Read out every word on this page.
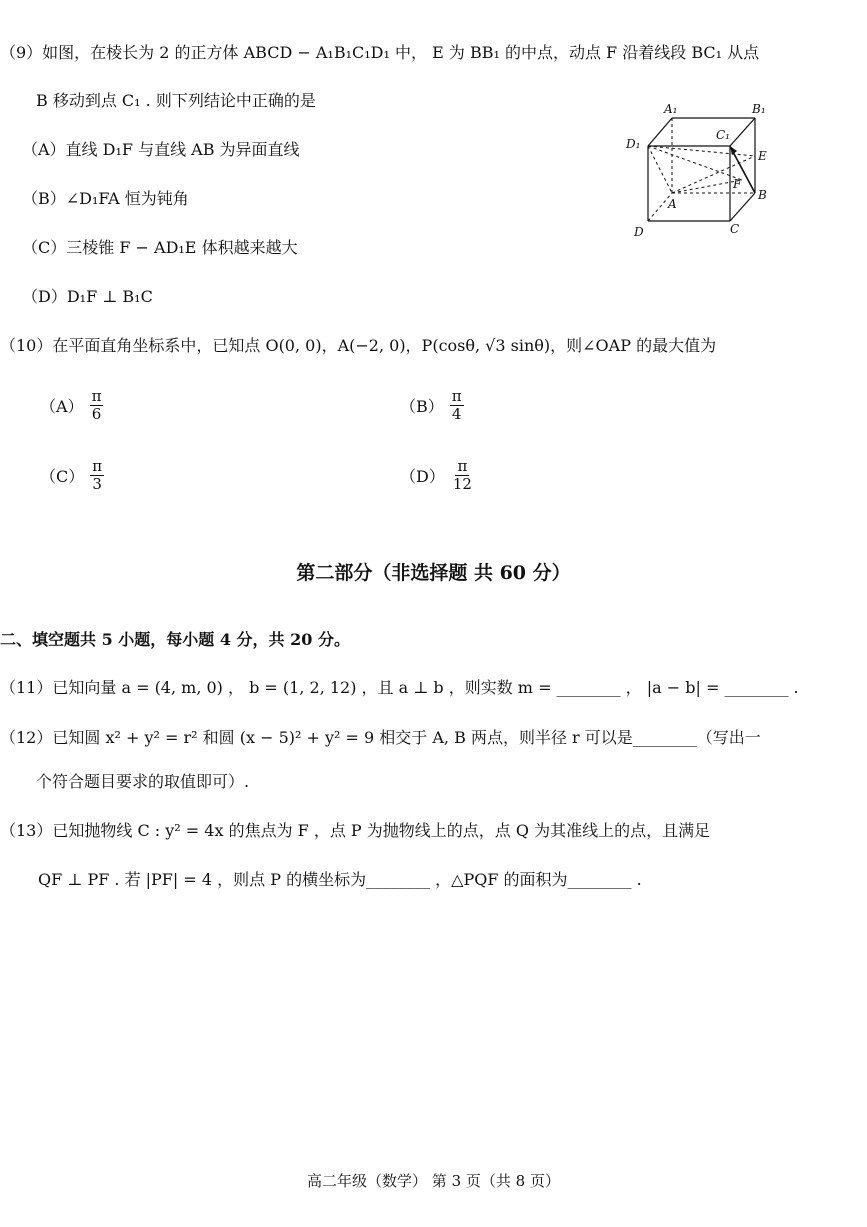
（9）如图，在棱长为 2 的正方体 ABCD − A₁B₁C₁D₁ 中， E 为 BB₁ 的中点，动点 F 沿着线段 BC₁ 从点
B 移动到点 C₁ . 则下列结论中正确的是
（A）直线 D₁F 与直线 AB 为异面直线
（B）∠D₁FA 恒为钝角
（C）三棱锥 F − AD₁E 体积越来越大
（D）D₁F ⊥ B₁C
A₁	B₁
C₁
D₁
E
F
A
B
C
D
（10）在平面直角坐标系中，已知点 O(0, 0)，A(−2, 0)，P(cosθ, √3 sinθ)，则∠OAP 的最大值为
$(A) \frac{\pi}{6}$	$(B) \frac{\pi}{4}$
$(C) \frac{\pi}{3}$	$(D) \frac{\pi}{12}$
第二部分（非选择题 共 60 分）
二、填空题共 5 小题，每小题 4 分，共 20 分。
（11）已知向量 a = (4, m, 0) ， b = (1, 2, 12) ，且 a ⊥ b ，则实数 m = ________ ， |a − b| = ________ .
（12）已知圆 x² + y² = r² 和圆 (x − 5)² + y² = 9 相交于 A, B 两点，则半径 r 可以是________（写出一
个符合题目要求的取值即可）.
（13）已知抛物线 C : y² = 4x 的焦点为 F ，点 P 为抛物线上的点，点 Q 为其准线上的点，且满足
QF ⊥ PF . 若 |PF| = 4 ，则点 P 的横坐标为________ ，△PQF 的面积为________ .
高二年级（数学） 第 3 页（共 8 页）
